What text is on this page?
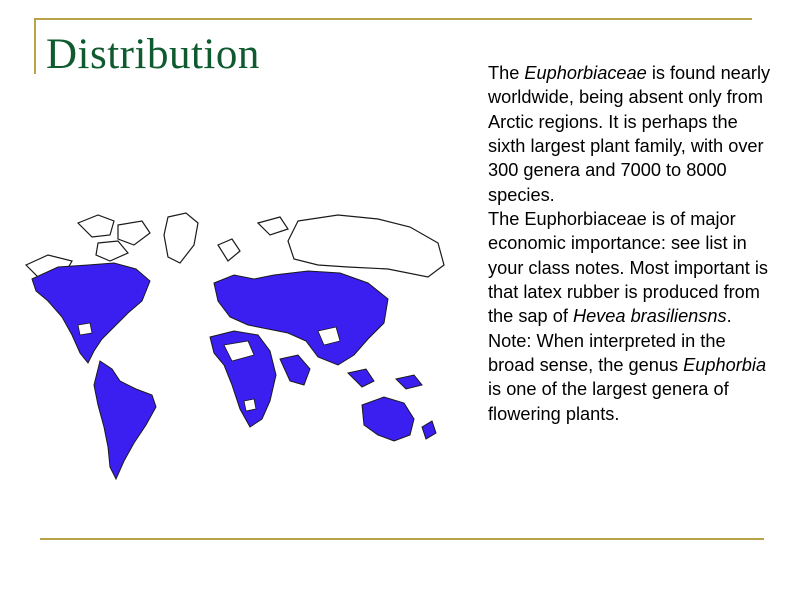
Distribution	The Euphorbiaceae is found nearly worldwide, being absent only from Arctic regions. It is perhaps the sixth largest plant family, with over 300 genera and 7000 to 8000 species.

The Euphorbiaceae is of major economic importance: see list in your class notes. Most important is that latex rubber is produced from the sap of Hevea brasiliensns.

Note: When interpreted in the broad sense, the genus Euphorbia is one of the largest genera of flowering plants.
